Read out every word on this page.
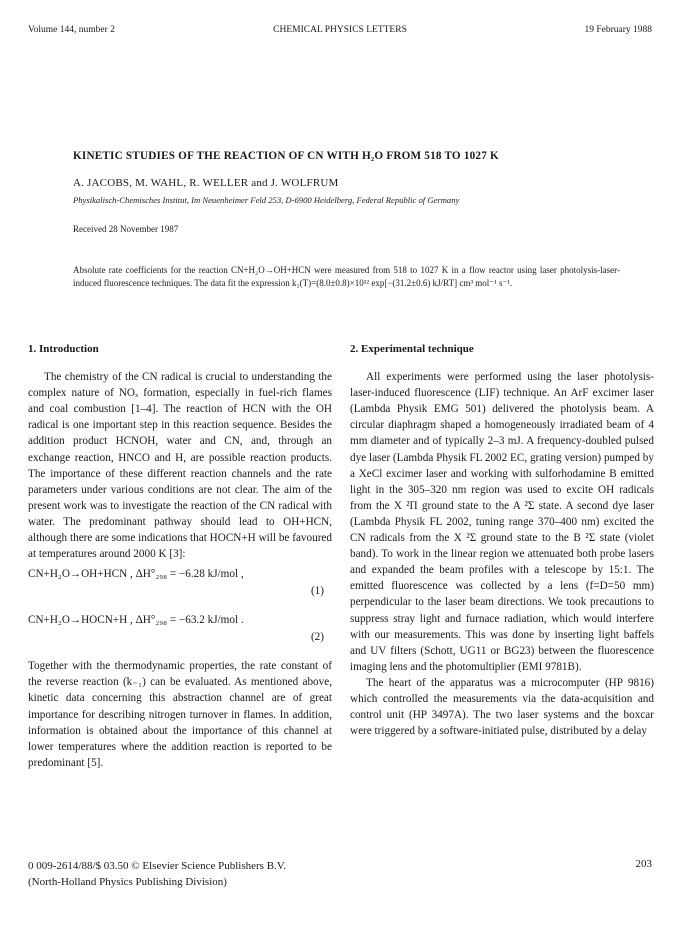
Volume 144, number 2	CHEMICAL PHYSICS LETTERS	19 February 1988
KINETIC STUDIES OF THE REACTION OF CN WITH H₂O FROM 518 TO 1027 K
A. JACOBS, M. WAHL, R. WELLER and J. WOLFRUM
Physikalisch-Chemisches Institut, Im Neuenheimer Feld 253, D-6900 Heidelberg, Federal Republic of Germany
Received 28 November 1987
Absolute rate coefficients for the reaction CN+H₂O→OH+HCN were measured from 518 to 1027 K in a flow reactor using laser photolysis-laser-induced fluorescence techniques. The data fit the expression k₁(T)=(8.0±0.8)×10¹² exp[−(31.2±0.6) kJ/RT] cm³ mol⁻¹ s⁻¹.
1. Introduction

The chemistry of the CN radical is crucial to understanding the complex nature of NOₓ formation, especially in fuel-rich flames and coal combustion [1–4]. The reaction of HCN with the OH radical is one important step in this reaction sequence. Besides the addition product HCNOH, water and CN, and, through an exchange reaction, HNCO and H, are possible reaction products. The importance of these different reaction channels and the rate parameters under various conditions are not clear. The aim of the present work was to investigate the reaction of the CN radical with water. The predominant pathway should lead to OH+HCN, although there are some indications that HOCN+H will be favoured at temperatures around 2000 K [3]:

CN+H₂O→OH+HCN , ΔH°₂₉₈ = −6.28 kJ/mol ,
(1)
CN+H₂O→HOCN+H , ΔH°₂₉₈ = −63.2 kJ/mol .
(2)

Together with the thermodynamic properties, the rate constant of the reverse reaction (k₋₁) can be evaluated. As mentioned above, kinetic data concerning this abstraction channel are of great importance for describing nitrogen turnover in flames. In addition, information is obtained about the importance of this channel at lower temperatures where the addition reaction is reported to be predominant [5].

2. Experimental technique

All experiments were performed using the laser photolysis-laser-induced fluorescence (LIF) technique. An ArF excimer laser (Lambda Physik EMG 501) delivered the photolysis beam. A circular diaphragm shaped a homogeneously irradiated beam of 4 mm diameter and of typically 2–3 mJ. A frequency-doubled pulsed dye laser (Lambda Physik FL 2002 EC, grating version) pumped by a XeCl excimer laser and working with sulforhodamine B emitted light in the 305–320 nm region was used to excite OH radicals from the X ²Π ground state to the A ²Σ state. A second dye laser (Lambda Physik FL 2002, tuning range 370–400 nm) excited the CN radicals from the X ²Σ ground state to the B ²Σ state (violet band). To work in the linear region we attenuated both probe lasers and expanded the beam profiles with a telescope by 15:1. The emitted fluorescence was collected by a lens (f=D=50 mm) perpendicular to the laser beam directions. We took precautions to suppress stray light and furnace radiation, which would interfere with our measurements. This was done by inserting light baffels and UV filters (Schott, UG11 or BG23) between the fluorescence imaging lens and the photomultiplier (EMI 9781B).

The heart of the apparatus was a microcomputer (HP 9816) which controlled the measurements via the data-acquisition and control unit (HP 3497A). The two laser systems and the boxcar were triggered by a software-initiated pulse, distributed by a delay

0 009-2614/88/$ 03.50 © Elsevier Science Publishers B.V.
(North-Holland Physics Publishing Division)
203
